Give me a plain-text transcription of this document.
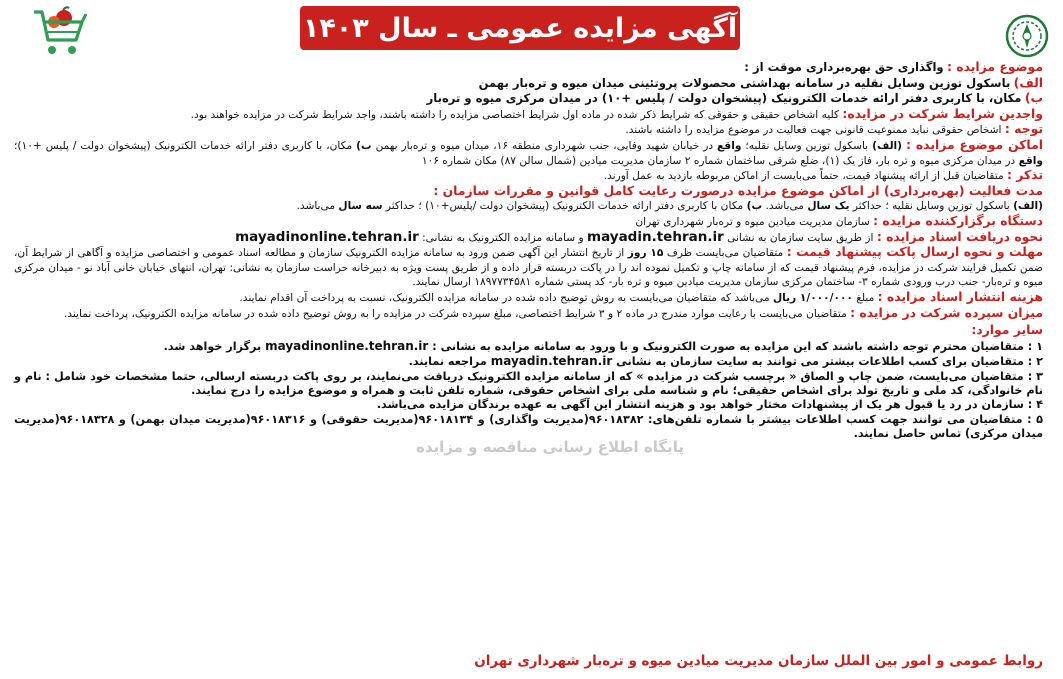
آگهی مزایده عمومی ـ سال ۱۴۰۳

موضوع مزایده : واگذاری حق بهره‌برداری موقت از :

الف) باسکول توزین وسایل نقلیه در سامانه بهداشتی محصولات پروتئینی میدان میوه و تره‌بار بهمن

ب) مکان، با کاربری دفتر ارائه خدمات الکترونیک (پیشخوان دولت / پلیس +۱۰) در میدان مرکزی میوه و تره‌بار

واجدین شرایط شرکت در مزایده: کلیه اشخاص حقیقی و حقوقی که شرایط ذکر شده در ماده اول شرایط اختصاصی مزایده را داشته باشند، واجد شرایط شرکت در مزایده خواهند بود.

توجه : اشخاص حقوقی نباید ممنوعیت قانونی جهت فعالیت در موضوع مزایده را داشته باشند.

اماکن موضوع مزایده : (الف) باسکول توزین وسایل نقلیه؛ واقع در خیابان شهید وفایی، جنب شهرداری منطقه ۱۶، میدان میوه و تره‌بار بهمن ب) مکان، با کاربری دفتر ارائه خدمات الکترونیک (پیشخوان دولت / پلیس +۱۰)؛ واقع در میدان مرکزی میوه و تره بار، فاز یک (۱)، ضلع شرقی ساختمان شماره ۲ سازمان مدیریت میادین (شمال سالن ۸۷) مکان شماره ۱۰۶

تذکر : متقاضیان قبل از ارائه پیشنهاد قیمت، حتماً می‌بایست از اماکن مربوطه بازدید به عمل آورند.

مدت فعالیت (بهره‌برداری) از اماکن موضوع مزایده درصورت رعایت کامل قوانین و مقررات سازمان :
(الف) باسکول توزین وسایل نقلیه ؛ حداکثر یک سال می‌باشد. ب) مکان با کاربری دفتر ارائه خدمات الکترونیک (پیشخوان دولت /پلیس+۱۰) ؛ حداکثر سه سال می‌باشد.

دستگاه برگزارکننده مزایده : سازمان مدیریت میادین میوه و تره‌بار شهرداری تهران

نحوه دریافت اسناد مزایده : از طریق سایت سازمان به نشانی mayadin.tehran.ir و سامانه مزایده الکترونیک به نشانی: mayadinonline.tehran.ir

مهلت و نحوه ارسال پاکت پیشنهاد قیمت : متقاضیان می‌بایست ظرف ۱۵ روز از تاریخ انتشار این آگهی ضمن ورود به سامانه مزایده الکترونیک سازمان و مطالعه اسناد عمومی و اختصاصی مزایده و آگاهی از شرایط آن، ضمن تکمیل فرایند شرکت در مزایده، فرم پیشنهاد قیمت که از سامانه چاپ و تکمیل نموده اند را در پاکت دربسته قرار داده و از طریق پست ویژه به دبیرخانه حراست سازمان به نشانی: تهران، انتهای خیابان خانی آباد نو - میدان مرکزی میوه و تره‌بار- جنب درب ورودی شماره ۳- ساختمان مرکزی سازمان مدیریت میادین میوه و تره بار- کد پستی شماره ۱۸۹۷۷۳۴۵۸۱ ارسال نمایند.

هزینه انتشار اسناد مزایده : مبلغ ۱/۰۰۰/۰۰۰ ریال می‌باشد که متقاضیان می‌بایست به روش توضیح داده شده در سامانه مزایده الکترونیک، نسبت به پرداخت آن اقدام نمایند.

میزان سپرده شرکت در مزایده : متقاضیان می‌بایست با رعایت موارد مندرج در ماده ۲ و ۳ شرایط اختصاصی، مبلغ سپرده شرکت در مزایده را به روش توضیح داده شده در سامانه مزایده الکترونیک، پرداخت نمایند.

سایر موارد:

۱ : متقاضیان محترم توجه داشته باشند که این مزایده به صورت الکترونیک و با ورود به سامانه مزایده به نشانی : mayadinonline.tehran.ir برگزار خواهد شد.

۲ : متقاضیان برای کسب اطلاعات بیشتر می توانند به سایت سازمان به نشانی mayadin.tehran.ir مراجعه نمایند.

۳ : متقاضیان می‌بایست، ضمن چاپ و الصاق « برچسب شرکت در مزایده » که از سامانه مزایده الکترونیک دریافت می‌نمایند، بر روی پاکت دربسته ارسالی، حتما مشخصات خود شامل : نام و نام خانوادگی، کد ملی و تاریخ تولد برای اشخاص حقیقی؛ نام و شناسه ملی برای اشخاص حقوقی، شماره تلفن ثابت و همراه و موضوع مزایده را درج نمایند.

۴ : سازمان در رد یا قبول هر یک از پیشنهادات مختار خواهد بود و هزینه انتشار این آگهی به عهده برندگان مزایده می‌باشد.

۵ : متقاضیان می توانند جهت کسب اطلاعات بیشتر با شماره تلفن‌های: ۹۶۰۱۸۳۸۲(مدیریت واگذاری) و ۹۶۰۱۸۱۳۴(مدیریت حقوقی) و ۹۶۰۱۸۳۱۶(مدیریت میدان بهمن) و ۹۶۰۱۸۳۲۸(مدیریت میدان مرکزی) تماس حاصل نمایند.

پایگاه اطلاع رسانی مناقصه و مزایده
روابط عمومی و امور بین الملل سازمان مدیریت میادین میوه و تره‌بار شهرداری تهران
